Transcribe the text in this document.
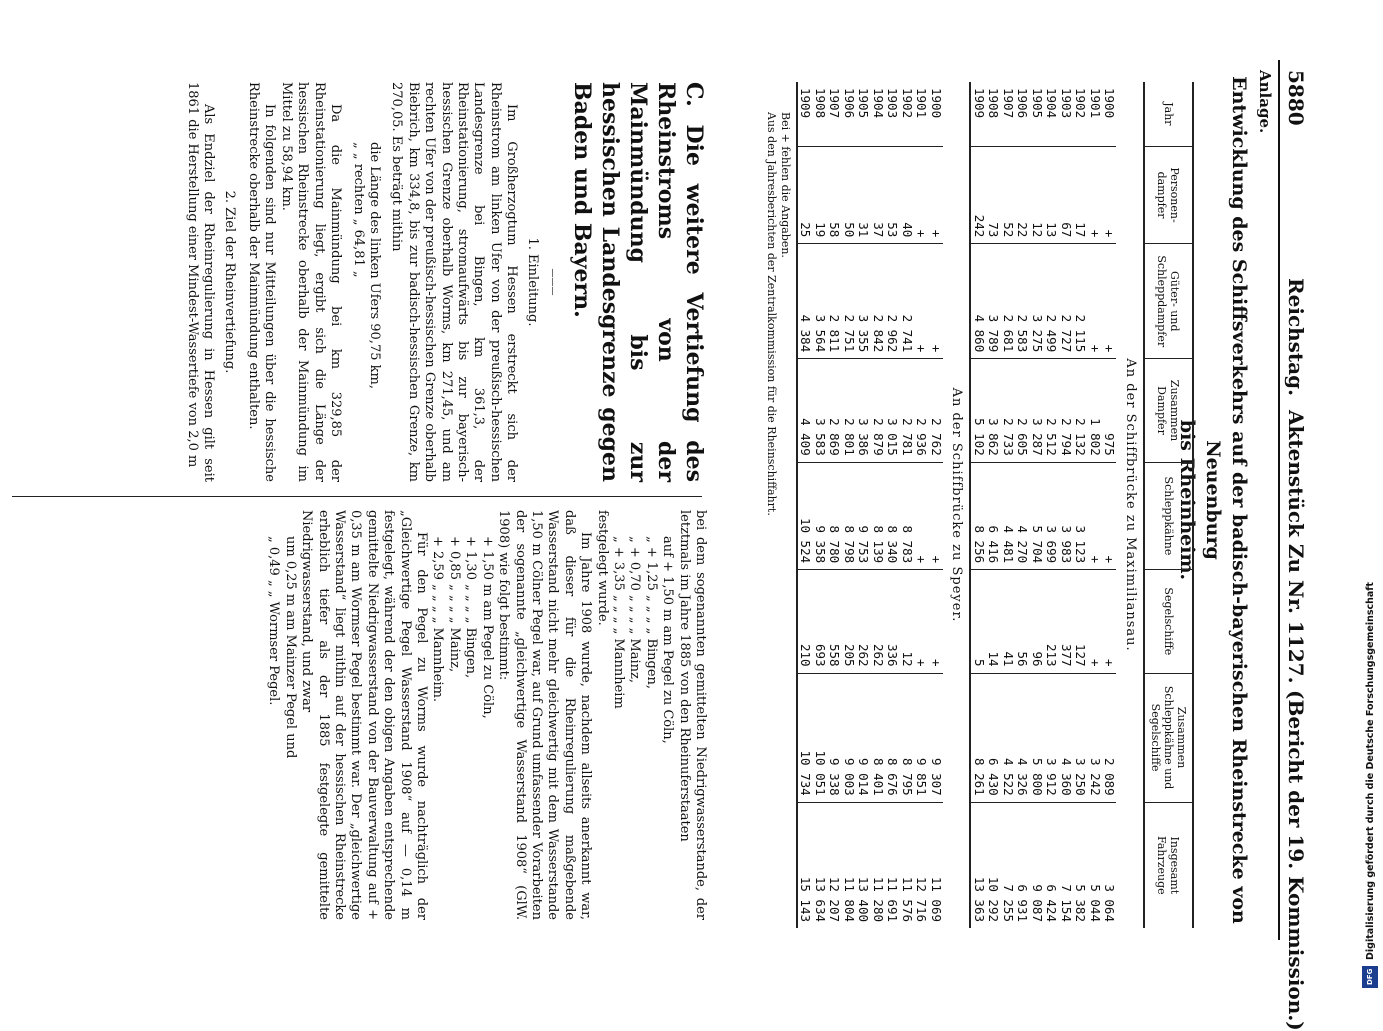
5880
Reichstag.
Aktenstück Zu Nr. 1127.
(Bericht der 19. Kommission.)
Anlage.
Entwicklung des Schiffsverkehrs auf der badisch-bayerischen Rheinstrecke von Neuenburg
bis Rheinheim.
Jahr	Personen-dampfer	Güter- und Schleppdampfer	Zusammen Dampfer	Schleppkähne	Segelschiffe	Zusammen Schleppkähne und Segelschiffe	Insgesamt Fahrzeuge
An der Schiffbrücke zu Maximiliansau.							
1900	+	+	975	+	+	2 089	3 064
1901	+	+	1 802	+	+	3 242	5 044
1902	17	2 115	2 132	3 123	127	3 250	5 382
1903	67	2 727	2 794	3 983	377	4 360	7 154
1904	13	2 499	2 512	3 699	213	3 912	6 424
1905	12	3 275	3 287	5 704	96	5 800	9 087
1906	22	2 583	2 605	4 270	56	4 326	6 931
1907	52	2 681	2 733	4 481	41	4 522	7 255
1908	73	3 789	3 862	6 416	14	6 430	10 292
1909	242	4 860	5 102	8 256	5	8 261	13 363
An der Schiffbrücke zu Speyer.							
1900	+	+	2 762	+	+	9 307	11 069
1901	+	+	2 936	+	+	9 851	12 716
1902	40	2 741	2 781	8 783	12	8 795	11 576
1903	53	2 962	3 015	8 340	336	8 676	11 691
1904	37	2 842	2 879	8 139	262	8 401	11 280
1905	31	3 355	3 386	9 753	262	9 014	13 400
1906	50	2 751	2 801	8 798	205	9 003	11 804
1907	58	2 811	2 869	8 780	558	9 338	12 207
1908	19	3 564	3 583	9 358	693	10 051	13 634
1909	25	4 384	4 409	10 524	210	10 734	15 143
Bei + fehlen die Angaben.
Aus den Jahresberichten der Zentralkommission für die Rheinschiffahrt.
C. Die weitere Vertiefung des Rheinstroms von der Mainmündung bis zur hessischen Landesgrenze gegen Baden und Bayern.
———

1. Einleitung.

Im Großherzogtum Hessen erstreckt sich der Rheinstrom am linken Ufer von der preußisch-hessischen Landesgrenze bei Bingen, km 361,3, der Rheinstationierung, stromaufwärts bis zur bayerisch-hessischen Grenze oberhalb Worms, km 271,45, und am rechten Ufer von der preußisch-hessischen Grenze oberhalb Biebrich, km 334,8, bis zur badisch-hessischen Grenze, km 270,05. Es beträgt mithin

die Länge des linken Ufers 90,75 km,

„ „ rechten „ 64,81 „

Da die Mainmündung bei km 329,85 der Rheinstationierung liegt, ergibt sich die Länge der hessischen Rheinstrecke oberhalb der Mainmündung im Mittel zu 58,94 km.

In folgenden sind nur Mitteilungen über die hessische Rheinstrecke oberhalb der Mainmündung enthalten.

2. Ziel der Rheinvertiefung.

Als Endziel der Rheinregulierung in Hessen gilt seit 1861 die Herstellung einer Mindest-Wassertiefe von 2,0 m

bei dem sogenannten gemittelten Niedrigwasserstande, der letztmals im Jahre 1885 von den Rheinuferstaaten

auf + 1,50 m am Pegel zu Cöln,

„ + 1,25 „ „ „ „ Bingen,

„ + 0,70 „ „ „ „ Mainz,

„ + 3,35 „ „ „ „ Mannheim

festgelegt wurde.

Im Jahre 1908 wurde, nachdem allseits anerkannt war, daß dieser für die Rheinregulierung maßgebende Wasserstand nicht mehr gleichwertig mit dem Wasserstande 1,50 m Cölner Pegel war, auf Grund umfassender Vorarbeiten der sogenannte „gleichwertige Wasserstand 1908“ (GlW. 1908) wie folgt bestimmt:

+ 1,50 m am Pegel zu Cöln,

+ 1,30 „ „ „ „ Bingen,

+ 0,85 „ „ „ „ Mainz,

+ 2,59 „ „ „ „ Mannheim.

Für den Pegel zu Worms wurde nachträglich der „Gleichwertige Pegel Wasserstand 1908“ auf — 0,14 m festgelegt, während der den obigen Angaben entsprechende gemittelte Niedrigwasserstand von der Bauverwaltung auf + 0,35 m am Wormser Pegel bestimmt war. Der „gleichwertige Wasserstand“ liegt mithin auf der hessischen Rheinstrecke erheblich tiefer als der 1885 festgelegte gemittelte Niedrigwasserstand, und zwar

um 0,25 m am Mainzer Pegel und

„ 0,49 „ „ Wormser Pegel.	Digitalisierung gefördert durch die Deutsche Forschungsgemeinschaft
DFG
